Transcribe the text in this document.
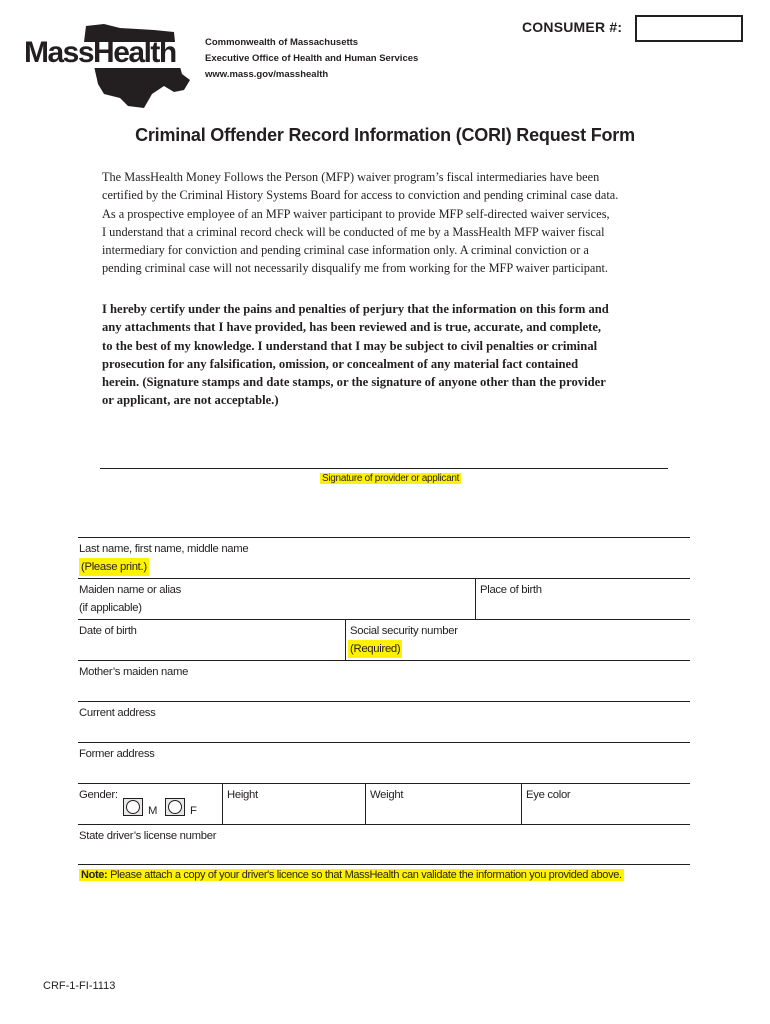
MassHealth	Commonwealth of Massachusetts
Executive Office of Health and Human Services
www.mass.gov/masshealth
CONSUMER #:
Criminal Offender Record Information (CORI) Request Form
The MassHealth Money Follows the Person (MFP) waiver program’s fiscal intermediaries have been
certified by the Criminal History Systems Board for access to conviction and pending criminal case data.
As a prospective employee of an MFP waiver participant to provide MFP self-directed waiver services,
I understand that a criminal record check will be conducted of me by a MassHealth MFP waiver fiscal
intermediary for conviction and pending criminal case information only. A criminal conviction or a
pending criminal case will not necessarily disqualify me from working for the MFP waiver participant.
I hereby certify under the pains and penalties of perjury that the information on this form and
any attachments that I have provided, has been reviewed and is true, accurate, and complete,
to the best of my knowledge. I understand that I may be subject to civil penalties or criminal
prosecution for any falsification, omission, or concealment of any material fact contained
herein. (Signature stamps and date stamps, or the signature of anyone other than the provider
or applicant, are not acceptable.)
Signature of provider or applicant
Last name, first name, middle name
(Please print.)
Maiden name or alias
(if applicable)
Place of birth
Date of birth	Social security number
(Required)
Mother’s maiden name
Current address
Former address
Gender:
M	F
Height	Weight	Eye color
State driver’s license number
Note: Please attach a copy of your driver's licence so that MassHealth can validate the information you provided above.
CRF-1-FI-1113
